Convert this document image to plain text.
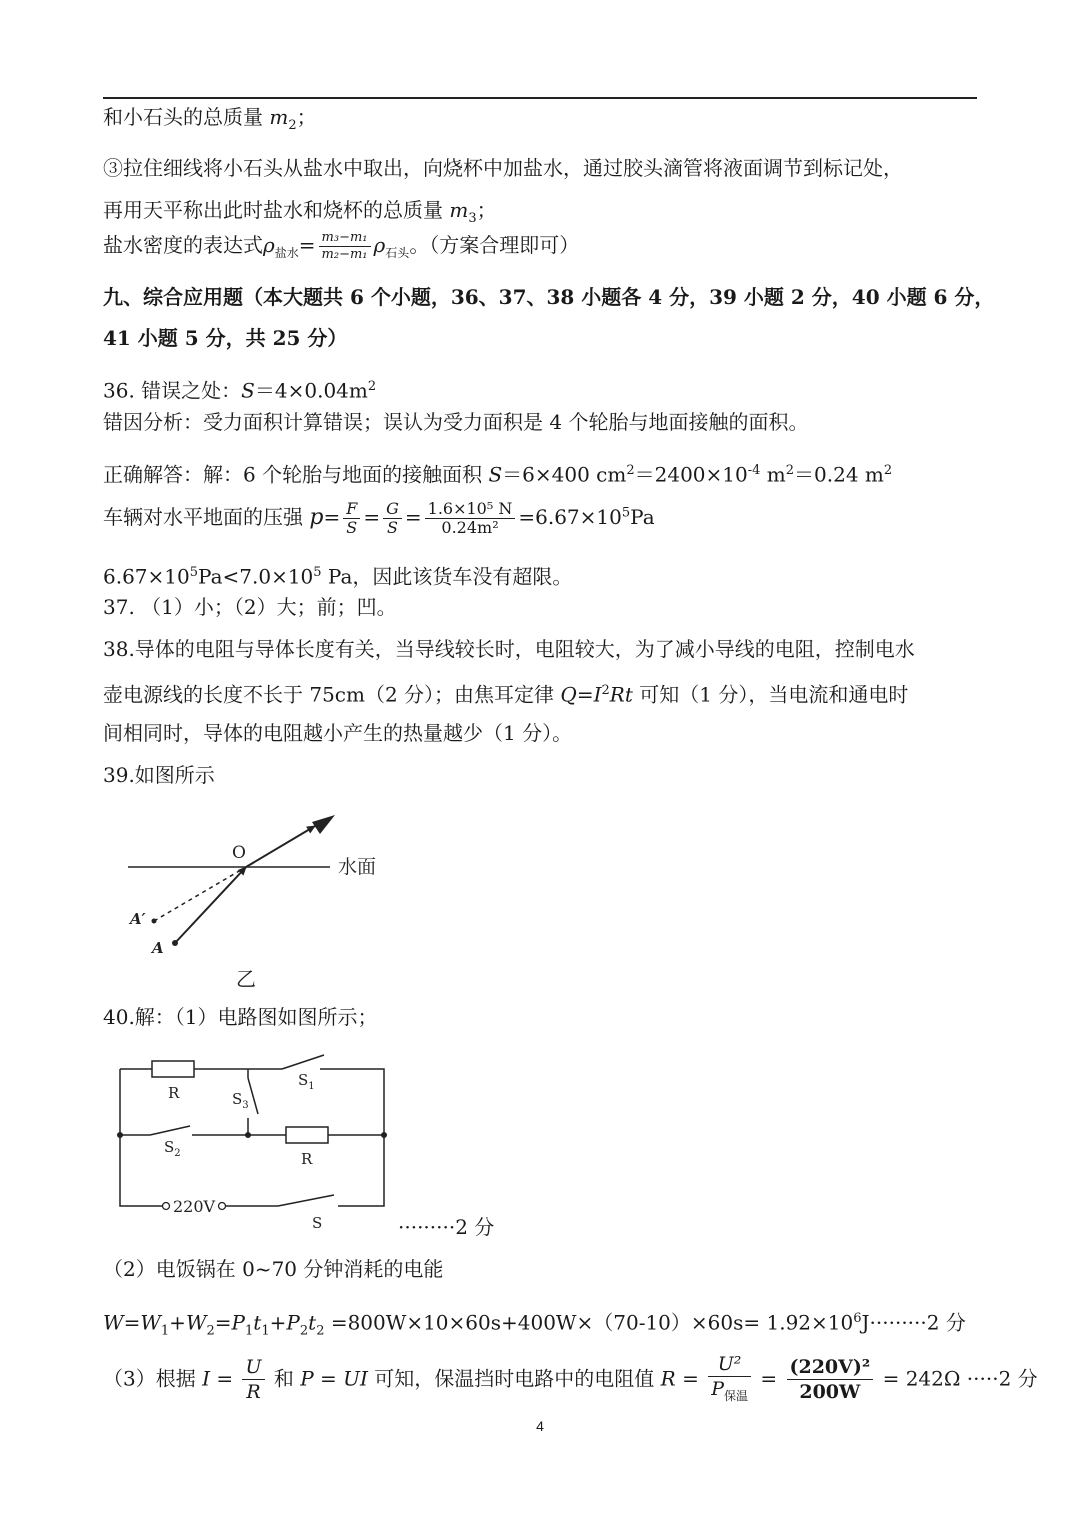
和小石头的总质量 $m_2$；
③拉住细线将小石头从盐水中取出，向烧杯中加盐水，通过胶头滴管将液面调节到标记处，
再用天平称出此时盐水和烧杯的总质量 $m_3$；
盐水密度的表达式$\rho_{盐水}= \frac{\text{m₃−m₁}}{\text{m₂−m₁}} \rho_{石头}$。（方案合理即可）
九、综合应用题（本大题共 6 个小题，36、37、38 小题各 4 分，39 小题 2 分，40 小题 6 分，
41 小题 5 分，共 25 分）
36. 错误之处：$S=4\times 0.04m^2$
错因分析：受力面积计算错误；误认为受力面积是 4 个轮胎与地面接触的面积。
正确解答：解：6 个轮胎与地面的接触面积 S＝6×400 $cm^2=2400\times 10^{-4}$ $m^2=0.24$ $m^2$
车辆对水平地面的压强 $p= \frac{F}{S} = \frac{G}{S} = \frac{\text{1.6×10⁵ N}}{\text{0.24m²}} =6.67\times 10^5Pa$
$6.67\times 10^5Pa<7.0\times 10^5$ Pa，因此该货车没有超限。
37. （1）小；（2）大；前；凹。
38.导体的电阻与导体长度有关，当导线较长时，电阻较大，为了减小导线的电阻，控制电水
壶电源线的长度不长于 75cm（2 分）；由焦耳定律 $Q=I^2Rt$ 可知（1 分），当电流和通电时
间相同时，导体的电阻越小产生的热量越少（1 分）。
39.如图所示
水面
O
A′
A
乙
40.解：（1）电路图如图所示；
220V
R
R
$S_1$
$S_2$
$S_3$
S	·········2 分
（2）电饭锅在 0~70 分钟消耗的电能
$W=W_1+W_2=P_1t_1+P_2t_2 =800W\times 10\times 60s+400W\times(70-10)\times 60s= 1.92\times 10^6J\cdot\cdot\cdot\cdot\cdot\cdot\cdot\cdot\cdot 2$ 分
（3）根据 $I = \frac{U}{R}$ 和 P = UI 可知，保温挡时电路中的电阻值 $R = \frac{\text{U²}}{P_{保温}} = \frac{\text{(220V)²}}{200W} = 242\Omega \cdot\cdot\cdot\cdot\cdot 2$ 分
4
